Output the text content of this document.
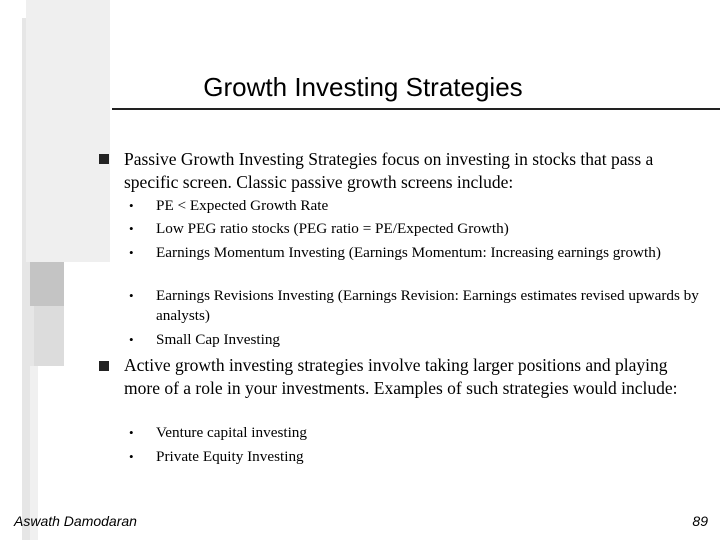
Growth Investing Strategies
Passive Growth Investing Strategies focus on investing in stocks that pass a specific screen. Classic passive growth screens include:
• PE < Expected Growth Rate
• Low PEG ratio stocks (PEG ratio = PE/Expected Growth)
• Earnings Momentum Investing (Earnings Momentum: Increasing earnings growth)
• Earnings Revisions Investing (Earnings Revision: Earnings estimates revised upwards by analysts)
• Small Cap Investing
Active growth investing strategies involve taking larger positions and playing more of a role in your investments. Examples of such strategies would include:
• Venture capital investing
• Private Equity Investing
Aswath Damodaran	89
